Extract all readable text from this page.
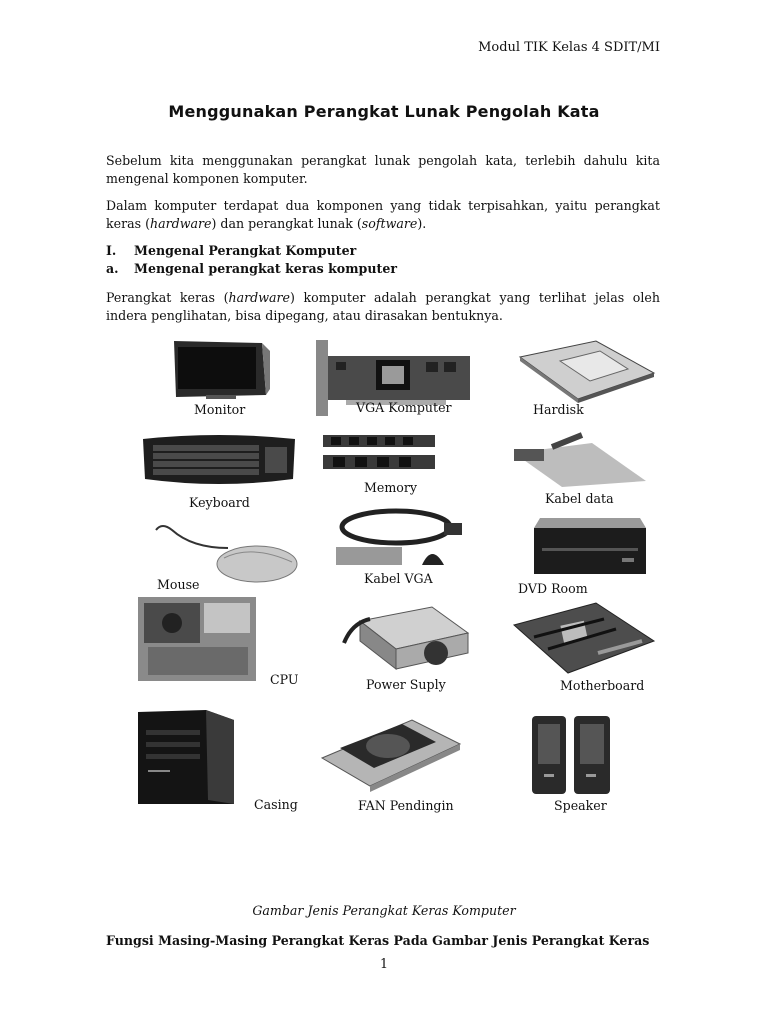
Modul TIK Kelas 4 SDIT/MI
Menggunakan Perangkat Lunak Pengolah Kata
Sebelum kita menggunakan perangkat lunak pengolah kata, terlebih dahulu kita mengenal komponen komputer.
Dalam komputer terdapat dua komponen yang tidak terpisahkan, yaitu perangkat keras (hardware) dan perangkat lunak (software).
I. Mengenal Perangkat Komputer
a. Mengenal perangkat keras komputer
Perangkat keras (hardware) komputer adalah perangkat yang terlihat jelas oleh indera penglihatan, bisa dipegang, atau dirasakan bentuknya.
Monitor	VGA Komputer	Hardisk
Keyboard
Memory
Kabel data
Mouse	Kabel VGA
DVD Room
CPU	Power Suply	Motherboard
Casing	FAN Pendingin	Speaker
Gambar Jenis Perangkat Keras Komputer
Fungsi Masing-Masing Perangkat Keras Pada Gambar Jenis Perangkat Keras
1
